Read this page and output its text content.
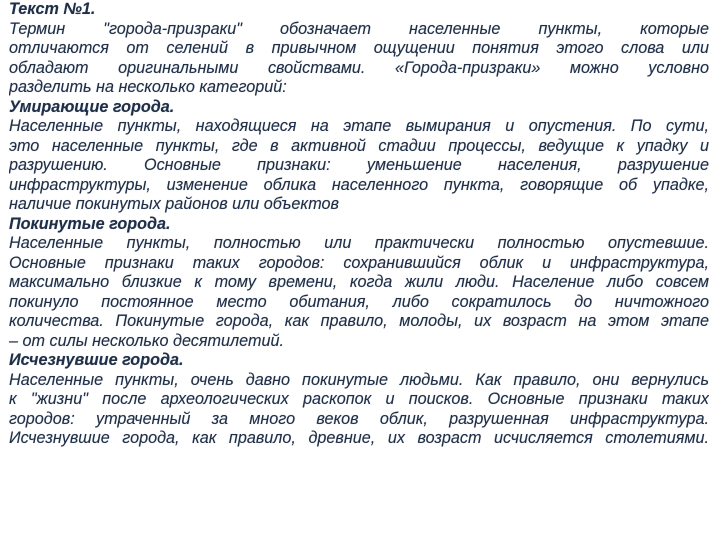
Текст №1.
Термин "города-призраки" обозначает населенные пункты, которые
отличаются от селений в привычном ощущении понятия этого слова или
обладают оригинальными свойствами. «Города-призраки» можно условно
разделить на несколько категорий:
Умирающие города.
Населенные пункты, находящиеся на этапе вымирания и опустения. По сути,
это населенные пункты, где в активной стадии процессы, ведущие к упадку и
разрушению. Основные признаки: уменьшение населения, разрушение
инфраструктуры, изменение облика населенного пункта, говорящие об упадке,
наличие покинутых районов или объектов
Покинутые города.
Населенные пункты, полностью или практически полностью опустевшие.
Основные признаки таких городов: сохранившийся облик и инфраструктура,
максимально близкие к тому времени, когда жили люди. Население либо совсем
покинуло постоянное место обитания, либо сократилось до ничтожного
количества. Покинутые города, как правило, молоды, их возраст на этом этапе
– от силы несколько десятилетий.
Исчезнувшие города.
Населенные пункты, очень давно покинутые людьми. Как правило, они вернулись
к "жизни" после археологических раскопок и поисков. Основные признаки таких
городов: утраченный за много веков облик, разрушенная инфраструктура.
Исчезнувшие города, как правило, древние, их возраст исчисляется столетиями.
